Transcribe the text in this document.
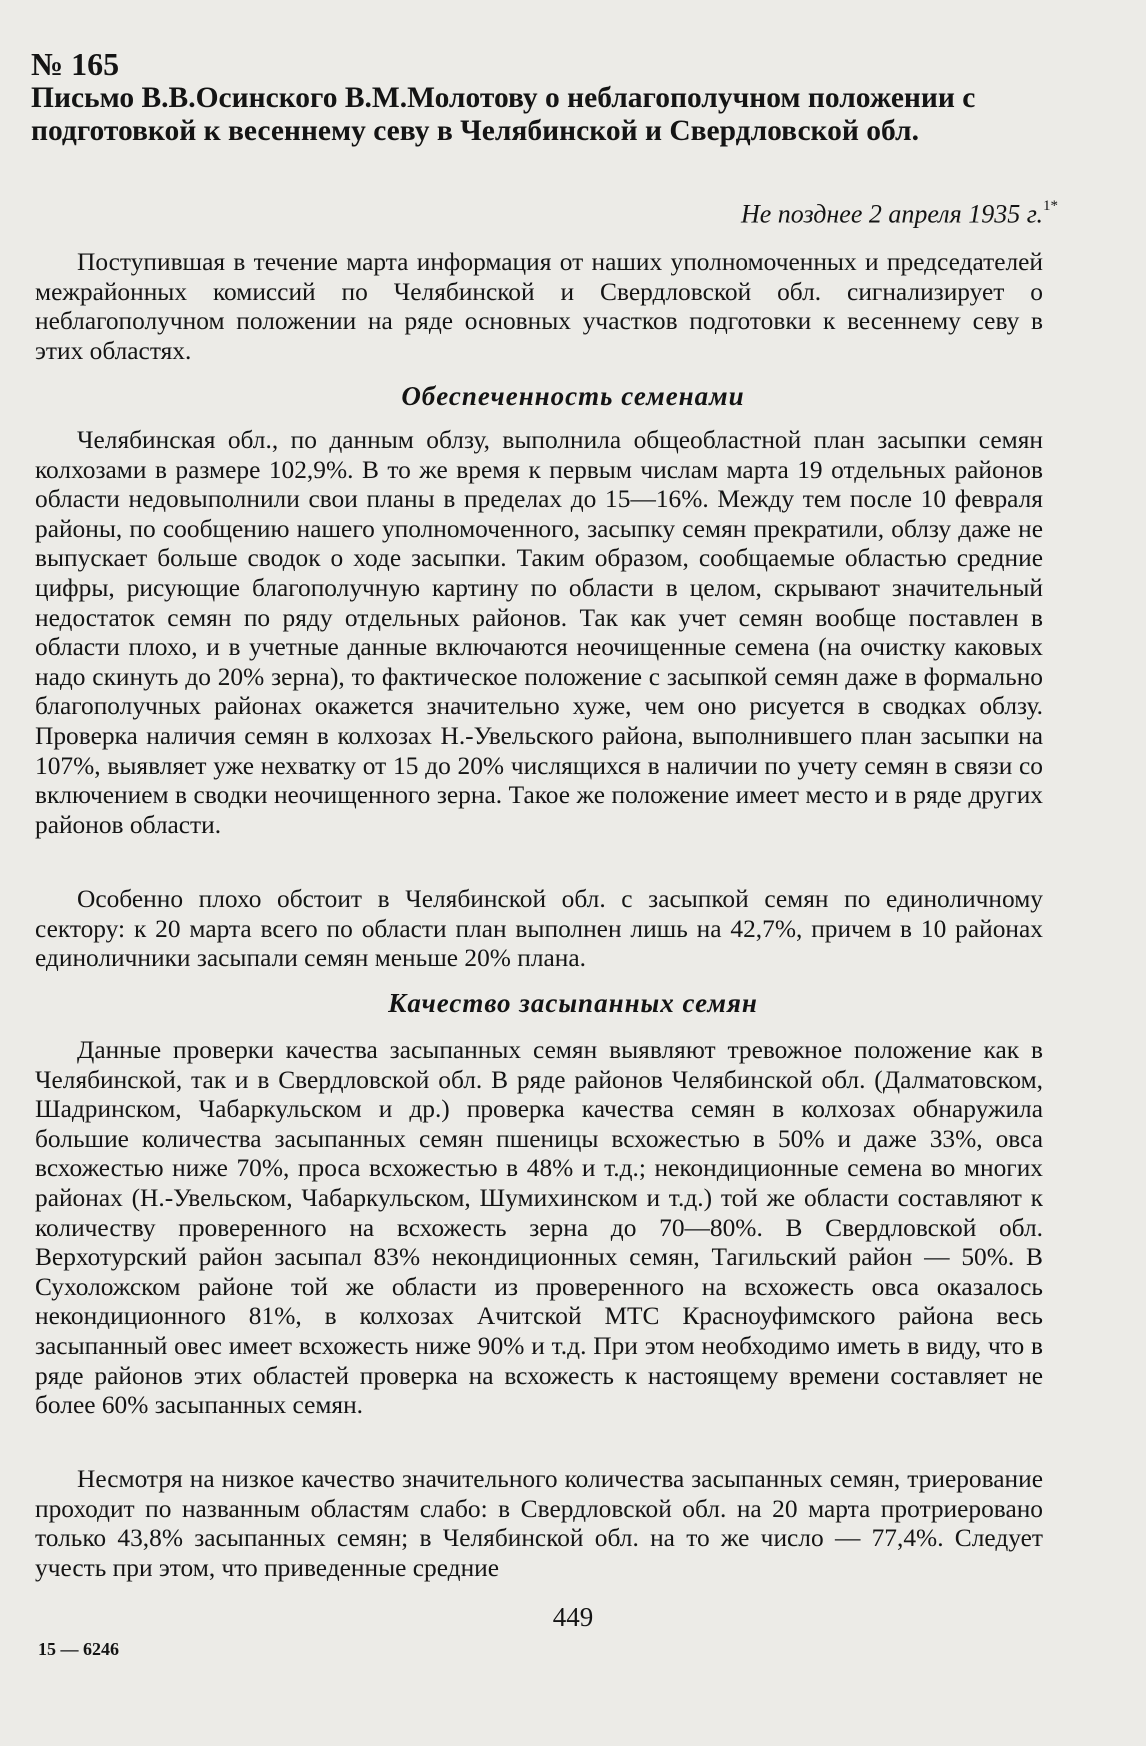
№ 165
Письмо В.В.Осинского В.М.Молотову о неблагополучном положении с подготовкой к весеннему севу в Челябинской и Свердловской обл.

Не позднее 2 апреля 1935 г.$^{1*}$

Поступившая в течение марта информация от наших уполномоченных и председателей межрайонных комиссий по Челябинской и Свердловской обл. сигнализирует о неблагополучном положении на ряде основных участков подготовки к весеннему севу в этих областях.

Обеспеченность семенами

Челябинская обл., по данным облзу, выполнила общеобластной план засыпки семян колхозами в размере 102,9%. В то же время к первым числам марта 19 отдельных районов области недовыполнили свои планы в пределах до 15—16%. Между тем после 10 февраля районы, по сообщению нашего уполномоченного, засыпку семян прекратили, облзу даже не выпускает больше сводок о ходе засыпки. Таким образом, сообщаемые областью средние цифры, рисующие благополучную картину по области в целом, скрывают значительный недостаток семян по ряду отдельных районов. Так как учет семян вообще поставлен в области плохо, и в учетные данные включаются неочищенные семена (на очистку каковых надо скинуть до 20% зерна), то фактическое положение с засыпкой семян даже в формально благополучных районах окажется значительно хуже, чем оно рисуется в сводках облзу. Проверка наличия семян в колхозах Н.-Увельского района, выполнившего план засыпки на 107%, выявляет уже нехватку от 15 до 20% числящихся в наличии по учету семян в связи со включением в сводки неочищенного зерна. Такое же положение имеет место и в ряде других районов области.

Особенно плохо обстоит в Челябинской обл. с засыпкой семян по единоличному сектору: к 20 марта всего по области план выполнен лишь на 42,7%, причем в 10 районах единоличники засыпали семян меньше 20% плана.

Качество засыпанных семян

Данные проверки качества засыпанных семян выявляют тревожное положение как в Челябинской, так и в Свердловской обл. В ряде районов Челябинской обл. (Далматовском, Шадринском, Чабаркульском и др.) проверка качества семян в колхозах обнаружила большие количества засыпанных семян пшеницы всхожестью в 50% и даже 33%, овса всхожестью ниже 70%, проса всхожестью в 48% и т.д.; некондиционные семена во многих районах (Н.-Увельском, Чабаркульском, Шумихинском и т.д.) той же области составляют к количеству проверенного на всхожесть зерна до 70—80%. В Свердловской обл. Верхотурский район засыпал 83% некондиционных семян, Тагильский район — 50%. В Сухоложском районе той же области из проверенного на всхожесть овса оказалось некондиционного 81%, в колхозах Ачитской МТС Красноуфимского района весь засыпанный овес имеет всхожесть ниже 90% и т.д. При этом необходимо иметь в виду, что в ряде районов этих областей проверка на всхожесть к настоящему времени составляет не более 60% засыпанных семян.

Несмотря на низкое качество значительного количества засыпанных семян, триерование проходит по названным областям слабо: в Свердловской обл. на 20 марта протриеровано только 43,8% засыпанных семян; в Челябинской обл. на то же число — 77,4%. Следует учесть при этом, что приведенные средние

449
15 — 6246
